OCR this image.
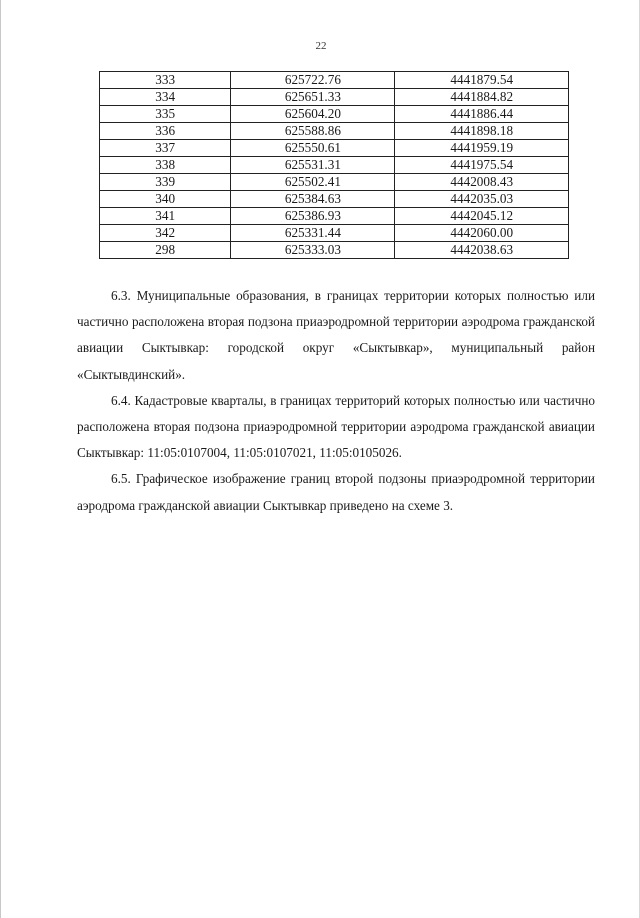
22
333	625722.76	4441879.54
334	625651.33	4441884.82
335	625604.20	4441886.44
336	625588.86	4441898.18
337	625550.61	4441959.19
338	625531.31	4441975.54
339	625502.41	4442008.43
340	625384.63	4442035.03
341	625386.93	4442045.12
342	625331.44	4442060.00
298	625333.03	4442038.63

6.3. Муниципальные образования, в границах территории которых полностью или частично расположена вторая подзона приаэродромной территории аэродрома гражданской авиации Сыктывкар: городской округ «Сыктывкар», муниципальный район «Сыктывдинский».

6.4. Кадастровые кварталы, в границах территорий которых полностью или частично расположена вторая подзона приаэродромной территории аэродрома гражданской авиации Сыктывкар: 11:05:0107004, 11:05:0107021, 11:05:0105026.

6.5. Графическое изображение границ второй подзоны приаэродромной территории аэродрома гражданской авиации Сыктывкар приведено на схеме 3.
